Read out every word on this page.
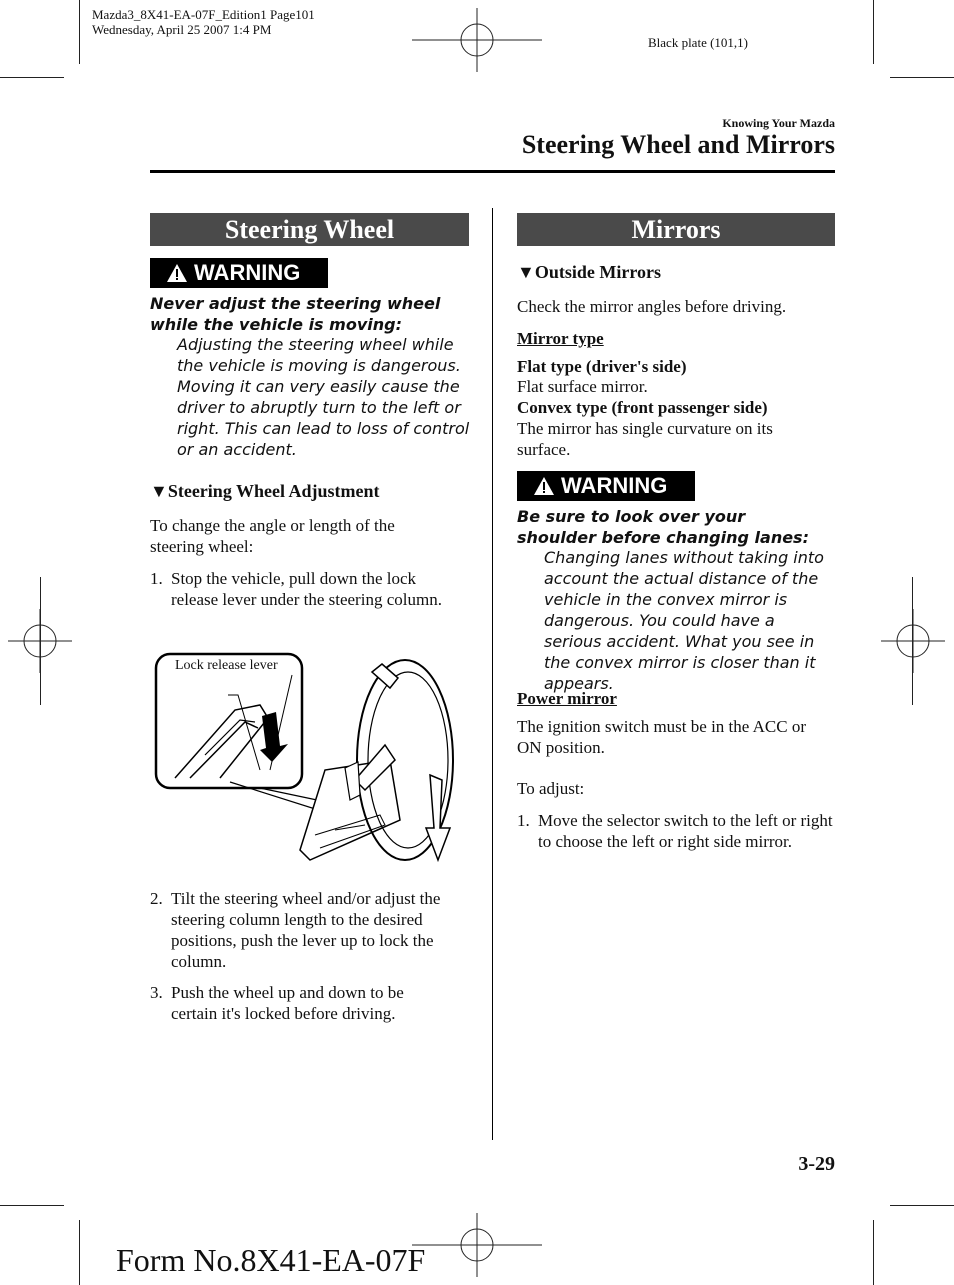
Mazda3_8X41-EA-07F_Edition1 Page101
Wednesday, April 25 2007 1:4 PM
Black plate (101,1)
Knowing Your Mazda
Steering Wheel and Mirrors
Steering Wheel
WARNING
Never adjust the steering wheel while the vehicle is moving:
Adjusting the steering wheel while the vehicle is moving is dangerous. Moving it can very easily cause the driver to abruptly turn to the left or right. This can lead to loss of control or an accident.
▼Steering Wheel Adjustment
To change the angle or length of the steering wheel:
1. Stop the vehicle, pull down the lock release lever under the steering column.
Lock release lever
2. Tilt the steering wheel and/or adjust the steering column length to the desired positions, push the lever up to lock the column.
3. Push the wheel up and down to be certain it's locked before driving.
Mirrors
▼Outside Mirrors
Check the mirror angles before driving.
Mirror type
Flat type (driver's side)
Flat surface mirror.
Convex type (front passenger side)
The mirror has single curvature on its surface.
WARNING
Be sure to look over your shoulder before changing lanes:
Changing lanes without taking into account the actual distance of the vehicle in the convex mirror is dangerous. You could have a serious accident. What you see in the convex mirror is closer than it appears.
Power mirror
The ignition switch must be in the ACC or ON position.
To adjust:
1. Move the selector switch to the left or right to choose the left or right side mirror.
3-29
Form No.8X41-EA-07F
